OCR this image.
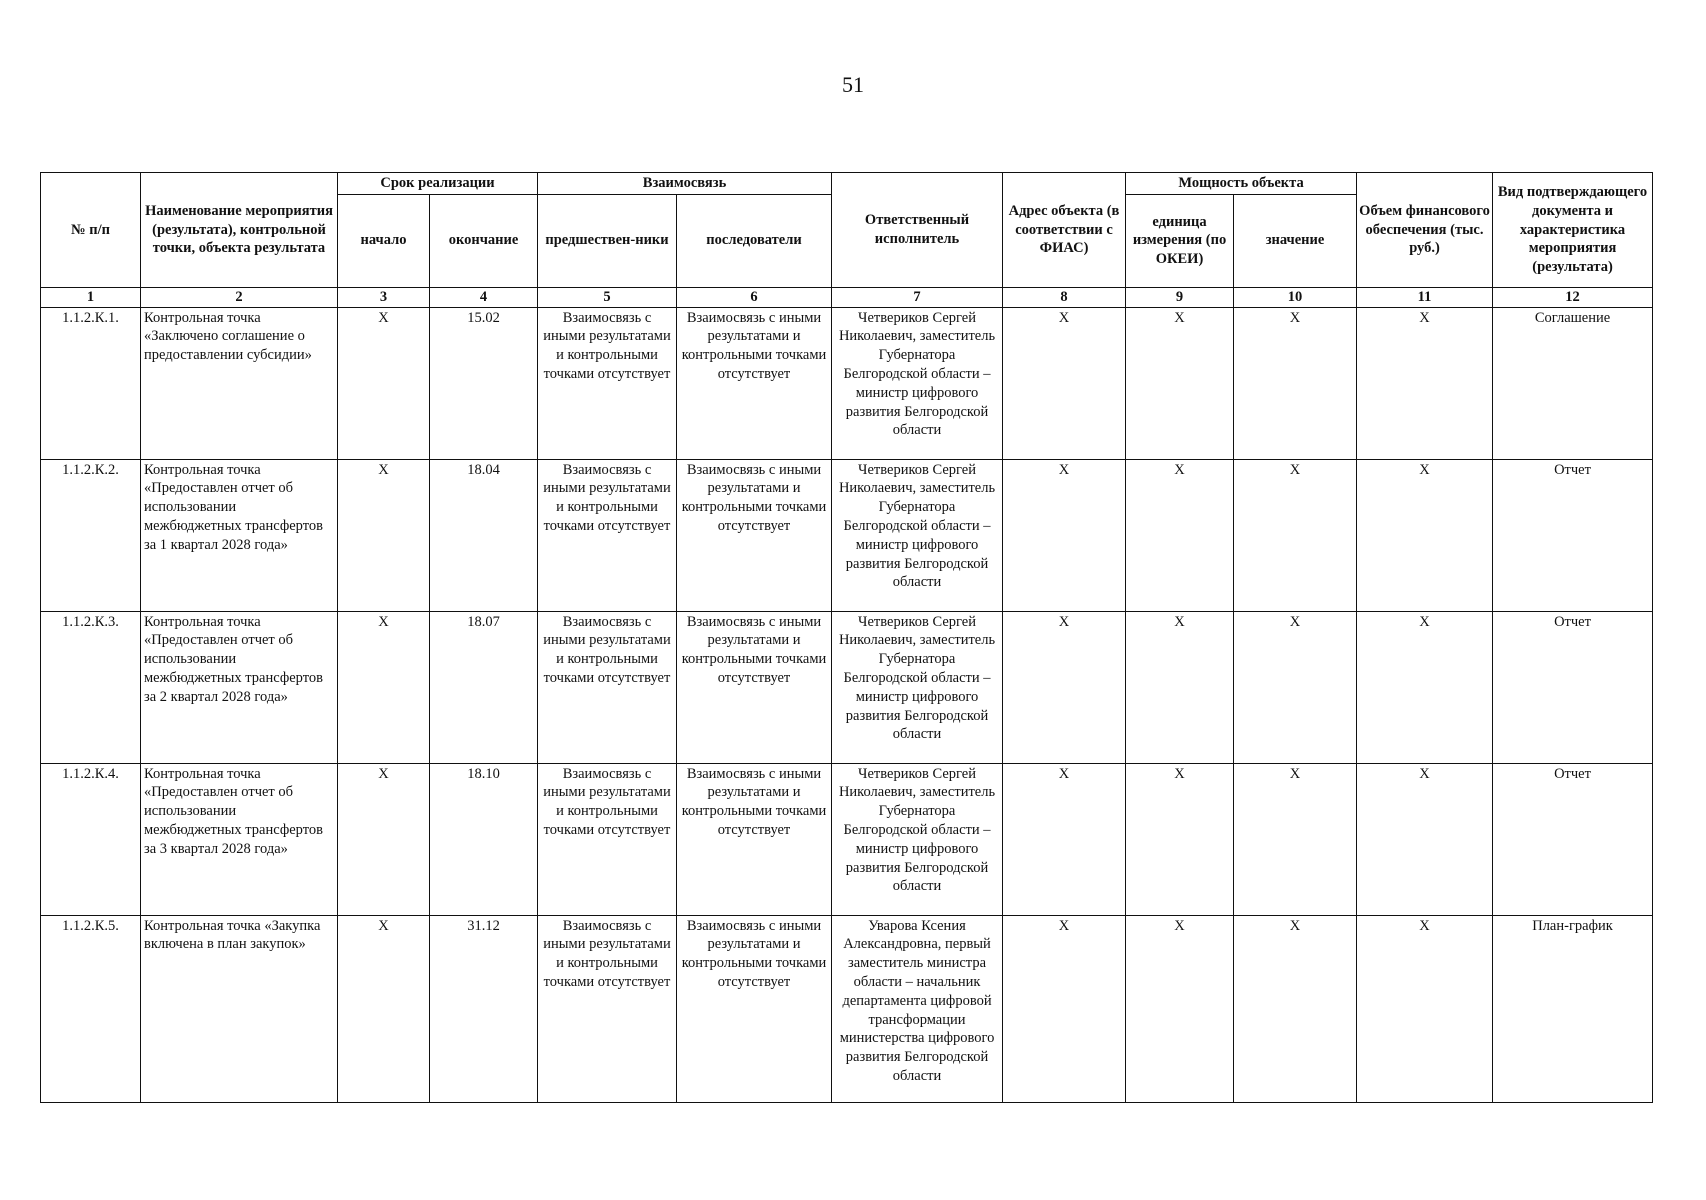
51
№ п/п	Наименование мероприятия (результата), контрольной точки, объекта результата	Срок реализации		Взаимосвязь		Ответственный исполнитель	Адрес объекта (в соответствии с ФИАС)	Мощность объекта		Объем финансового обеспечения (тыс. руб.)	Вид подтверждающего документа и характеристика мероприятия (результата)
		начало	окончание	предшествен-ники	последователи			единица измерения (по ОКЕИ)	значение		
1	2	3	4	5	6	7	8	9	10	11	12
1.1.2.К.1.	Контрольная точка «Заключено соглашение о предоставлении субсидии»	X	15.02	Взаимосвязь с иными результатами и контрольными точками отсутствует	Взаимосвязь с иными результатами и контрольными точками отсутствует	Четвериков Сергей Николаевич, заместитель Губернатора Белгородской области – министр цифрового развития Белгородской области	X	X	X	X	Соглашение
1.1.2.К.2.	Контрольная точка «Предоставлен отчет об использовании межбюджетных трансфертов за 1 квартал 2028 года»	X	18.04	Взаимосвязь с иными результатами и контрольными точками отсутствует	Взаимосвязь с иными результатами и контрольными точками отсутствует	Четвериков Сергей Николаевич, заместитель Губернатора Белгородской области – министр цифрового развития Белгородской области	X	X	X	X	Отчет
1.1.2.К.3.	Контрольная точка «Предоставлен отчет об использовании межбюджетных трансфертов за 2 квартал 2028 года»	X	18.07	Взаимосвязь с иными результатами и контрольными точками отсутствует	Взаимосвязь с иными результатами и контрольными точками отсутствует	Четвериков Сергей Николаевич, заместитель Губернатора Белгородской области – министр цифрового развития Белгородской области	X	X	X	X	Отчет
1.1.2.К.4.	Контрольная точка «Предоставлен отчет об использовании межбюджетных трансфертов за 3 квартал 2028 года»	X	18.10	Взаимосвязь с иными результатами и контрольными точками отсутствует	Взаимосвязь с иными результатами и контрольными точками отсутствует	Четвериков Сергей Николаевич, заместитель Губернатора Белгородской области – министр цифрового развития Белгородской области	X	X	X	X	Отчет
1.1.2.К.5.	Контрольная точка «Закупка включена в план закупок»	X	31.12	Взаимосвязь с иными результатами и контрольными точками отсутствует	Взаимосвязь с иными результатами и контрольными точками отсутствует	Уварова Ксения Александровна, первый заместитель министра области – начальник департамента цифровой трансформации министерства цифрового развития Белгородской области	X	X	X	X	План-график
